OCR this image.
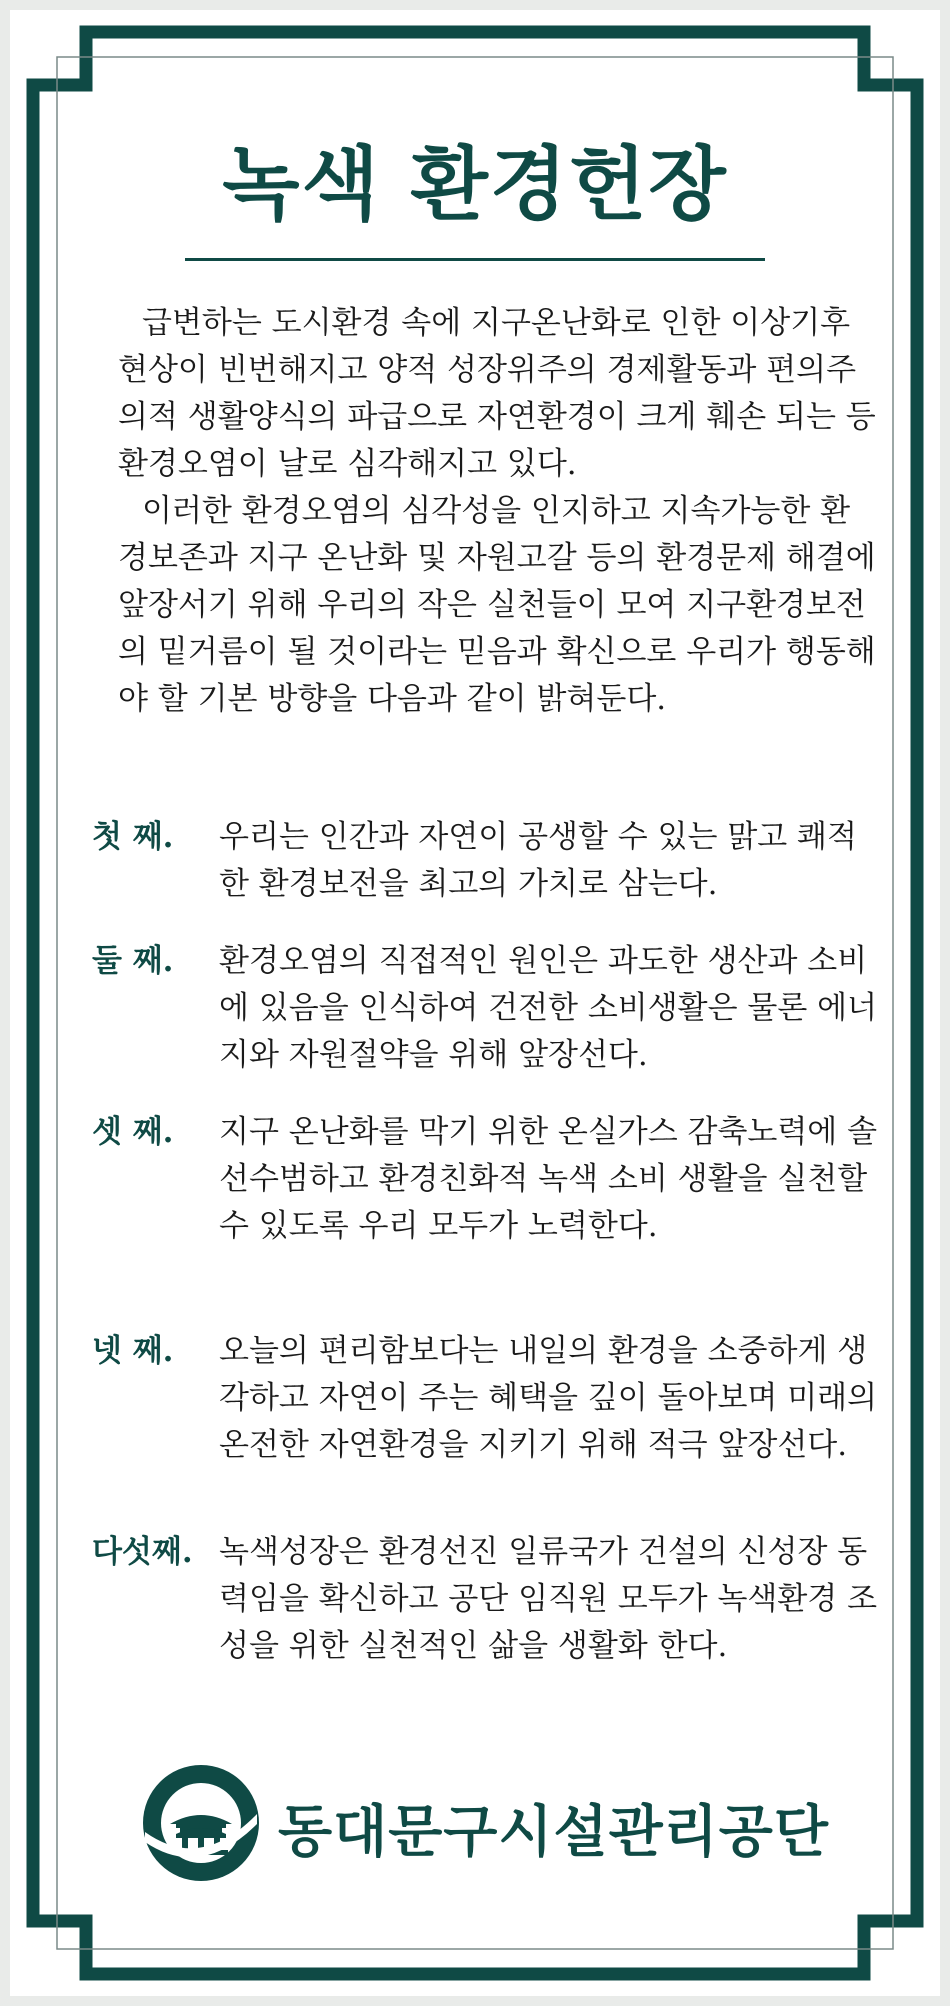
녹색 환경헌장

급변하는 도시환경 속에 지구온난화로 인한 이상기후 현상이 빈번해지고 양적 성장위주의 경제활동과 편의주의적 생활양식의 파급으로 자연환경이 크게 훼손 되는 등 환경오염이 날로 심각해지고 있다.

이러한 환경오염의 심각성을 인지하고 지속가능한 환경보존과 지구 온난화 및 자원고갈 등의 환경문제 해결에 앞장서기 위해 우리의 작은 실천들이 모여 지구환경보전의 밑거름이 될 것이라는 믿음과 확신으로 우리가 행동해야 할 기본 방향을 다음과 같이 밝혀둔다.

첫 째.	우리는 인간과 자연이 공생할 수 있는 맑고 쾌적한 환경보전을 최고의 가치로 삼는다.
둘 째.	환경오염의 직접적인 원인은 과도한 생산과 소비에 있음을 인식하여 건전한 소비생활은 물론 에너지와 자원절약을 위해 앞장선다.
셋 째.	지구 온난화를 막기 위한 온실가스 감축노력에 솔선수범하고 환경친화적 녹색 소비 생활을 실천할 수 있도록 우리 모두가 노력한다.
넷 째.	오늘의 편리함보다는 내일의 환경을 소중하게 생각하고 자연이 주는 혜택을 깊이 돌아보며 미래의 온전한 자연환경을 지키기 위해 적극 앞장선다.
다섯째. 녹색성장은 환경선진 일류국가 건설의 신성장 동력임을 확신하고 공단 임직원 모두가 녹색환경 조성을 위한 실천적인 삶을 생활화 한다.
동대문구시설관리공단
